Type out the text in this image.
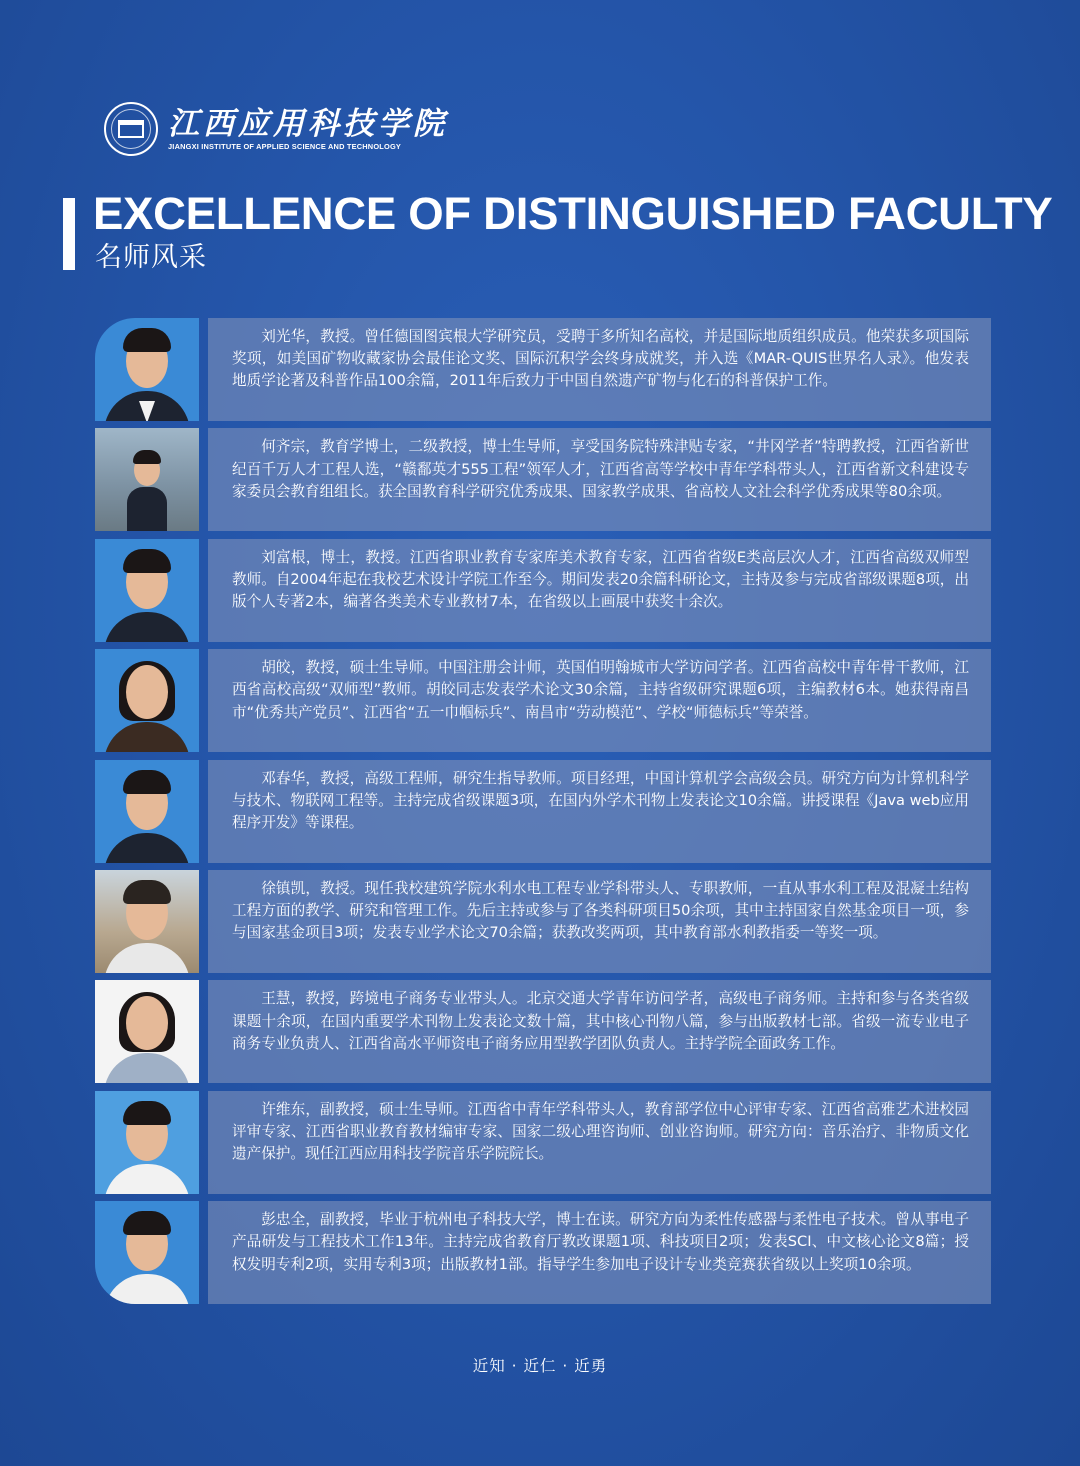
江西应用科技学院
JIANGXI INSTITUTE OF APPLIED SCIENCE AND TECHNOLOGY
EXCELLENCE OF DISTINGUISHED FACULTY
名师风采

刘光华，教授。曾任德国图宾根大学研究员，受聘于多所知名高校，并是国际地质组织成员。他荣获多项国际奖项，如美国矿物收藏家协会最佳论文奖、国际沉积学会终身成就奖，并入选《MAR-QUIS世界名人录》。他发表地质学论著及科普作品100余篇，2011年后致力于中国自然遗产矿物与化石的科普保护工作。

何齐宗，教育学博士，二级教授，博士生导师，享受国务院特殊津贴专家，“井冈学者”特聘教授，江西省新世纪百千万人才工程人选，“赣鄱英才555工程”领军人才，江西省高等学校中青年学科带头人，江西省新文科建设专家委员会教育组组长。获全国教育科学研究优秀成果、国家教学成果、省高校人文社会科学优秀成果等80余项。

刘富根，博士，教授。江西省职业教育专家库美术教育专家，江西省省级E类高层次人才，江西省高级双师型教师。自2004年起在我校艺术设计学院工作至今。期间发表20余篇科研论文，主持及参与完成省部级课题8项，出版个人专著2本，编著各类美术专业教材7本，在省级以上画展中获奖十余次。

胡皎，教授，硕士生导师。中国注册会计师，英国伯明翰城市大学访问学者。江西省高校中青年骨干教师，江西省高校高级“双师型”教师。胡皎同志发表学术论文30余篇，主持省级研究课题6项，主编教材6本。她获得南昌市“优秀共产党员”、江西省“五一巾帼标兵”、南昌市“劳动模范”、学校“师德标兵”等荣誉。

邓春华，教授，高级工程师，研究生指导教师。项目经理，中国计算机学会高级会员。研究方向为计算机科学与技术、物联网工程等。主持完成省级课题3项，在国内外学术刊物上发表论文10余篇。讲授课程《Java web应用程序开发》等课程。

徐镇凯，教授。现任我校建筑学院水利水电工程专业学科带头人、专职教师，一直从事水利工程及混凝土结构工程方面的教学、研究和管理工作。先后主持或参与了各类科研项目50余项，其中主持国家自然基金项目一项，参与国家基金项目3项；发表专业学术论文70余篇；获教改奖两项，其中教育部水利教指委一等奖一项。

王慧，教授，跨境电子商务专业带头人。北京交通大学青年访问学者，高级电子商务师。主持和参与各类省级课题十余项，在国内重要学术刊物上发表论文数十篇，其中核心刊物八篇，参与出版教材七部。省级一流专业电子商务专业负责人、江西省高水平师资电子商务应用型教学团队负责人。主持学院全面政务工作。

许维东，副教授，硕士生导师。江西省中青年学科带头人，教育部学位中心评审专家、江西省高雅艺术进校园评审专家、江西省职业教育教材编审专家、国家二级心理咨询师、创业咨询师。研究方向：音乐治疗、非物质文化遗产保护。现任江西应用科技学院音乐学院院长。

彭忠全，副教授，毕业于杭州电子科技大学，博士在读。研究方向为柔性传感器与柔性电子技术。曾从事电子产品研发与工程技术工作13年。主持完成省教育厅教改课题1项、科技项目2项；发表SCI、中文核心论文8篇；授权发明专利2项，实用专利3项；出版教材1部。指导学生参加电子设计专业类竞赛获省级以上奖项10余项。

近知 · 近仁 · 近勇
